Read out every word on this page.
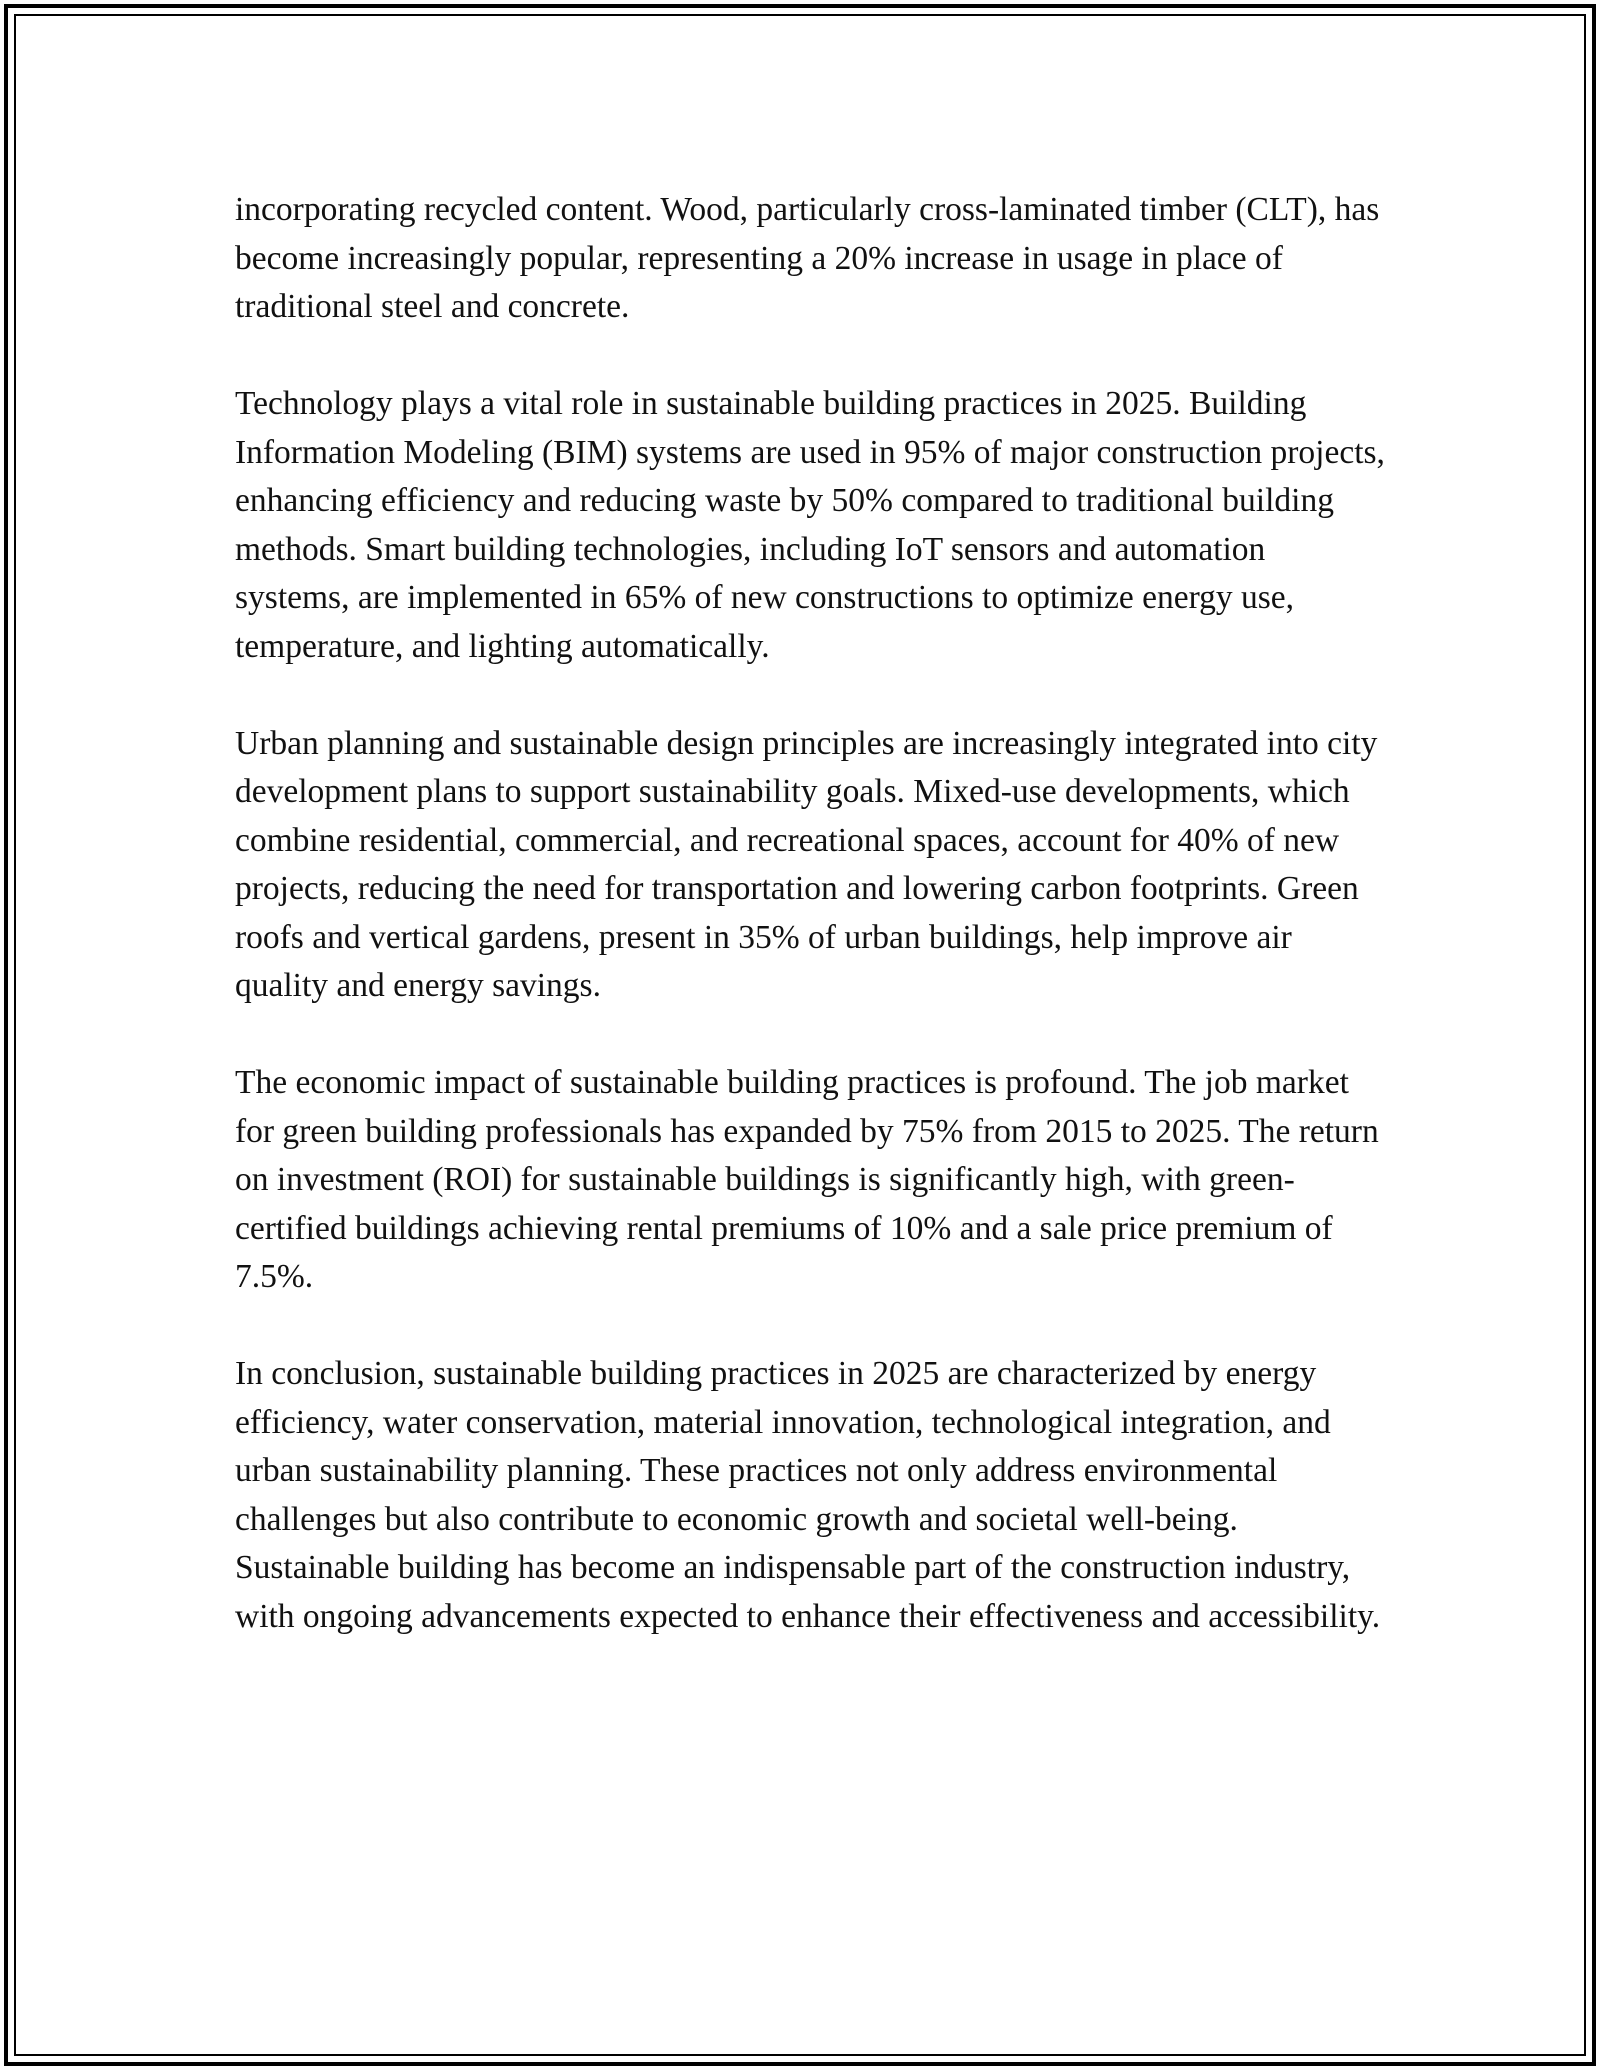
incorporating recycled content. Wood, particularly cross-laminated timber (CLT), has become increasingly popular, representing a 20% increase in usage in place of traditional steel and concrete.

Technology plays a vital role in sustainable building practices in 2025. Building Information Modeling (BIM) systems are used in 95% of major construction projects, enhancing efficiency and reducing waste by 50% compared to traditional building methods. Smart building technologies, including IoT sensors and automation systems, are implemented in 65% of new constructions to optimize energy use, temperature, and lighting automatically.

Urban planning and sustainable design principles are increasingly integrated into city development plans to support sustainability goals. Mixed-use developments, which combine residential, commercial, and recreational spaces, account for 40% of new projects, reducing the need for transportation and lowering carbon footprints. Green roofs and vertical gardens, present in 35% of urban buildings, help improve air quality and energy savings.

The economic impact of sustainable building practices is profound. The job market for green building professionals has expanded by 75% from 2015 to 2025. The return on investment (ROI) for sustainable buildings is significantly high, with green-certified buildings achieving rental premiums of 10% and a sale price premium of 7.5%.

In conclusion, sustainable building practices in 2025 are characterized by energy efficiency, water conservation, material innovation, technological integration, and urban sustainability planning. These practices not only address environmental challenges but also contribute to economic growth and societal well-being. Sustainable building has become an indispensable part of the construction industry, with ongoing advancements expected to enhance their effectiveness and accessibility.
